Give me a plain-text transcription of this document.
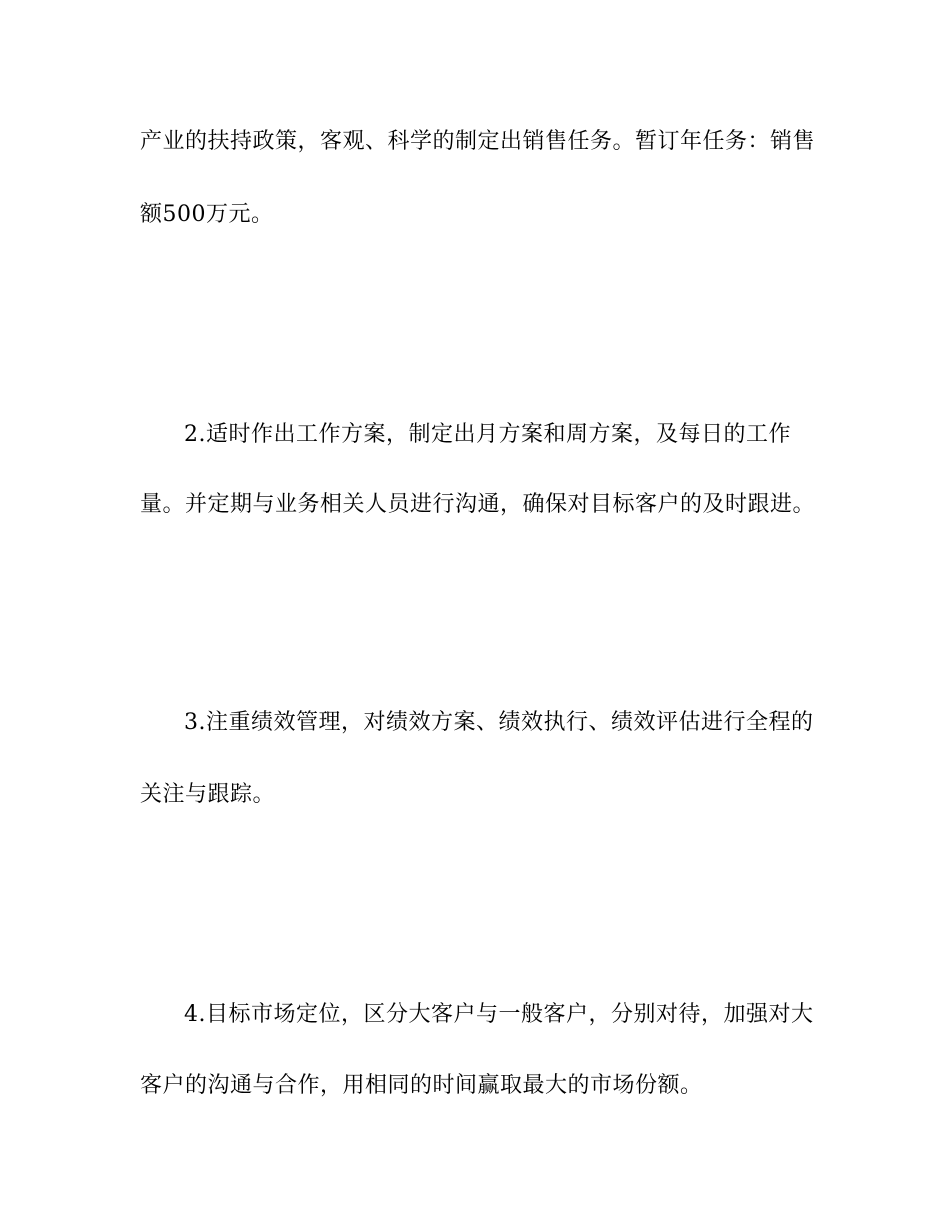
产业的扶持政策，客观、科学的制定出销售任务。暂订年任务：销售
额500万元。
2.适时作出工作方案，制定出月方案和周方案，及每日的工作
量。并定期与业务相关人员进行沟通，确保对目标客户的及时跟进。
3.注重绩效管理，对绩效方案、绩效执行、绩效评估进行全程的
关注与跟踪。
4.目标市场定位，区分大客户与一般客户，分别对待，加强对大
客户的沟通与合作，用相同的时间赢取最大的市场份额。
